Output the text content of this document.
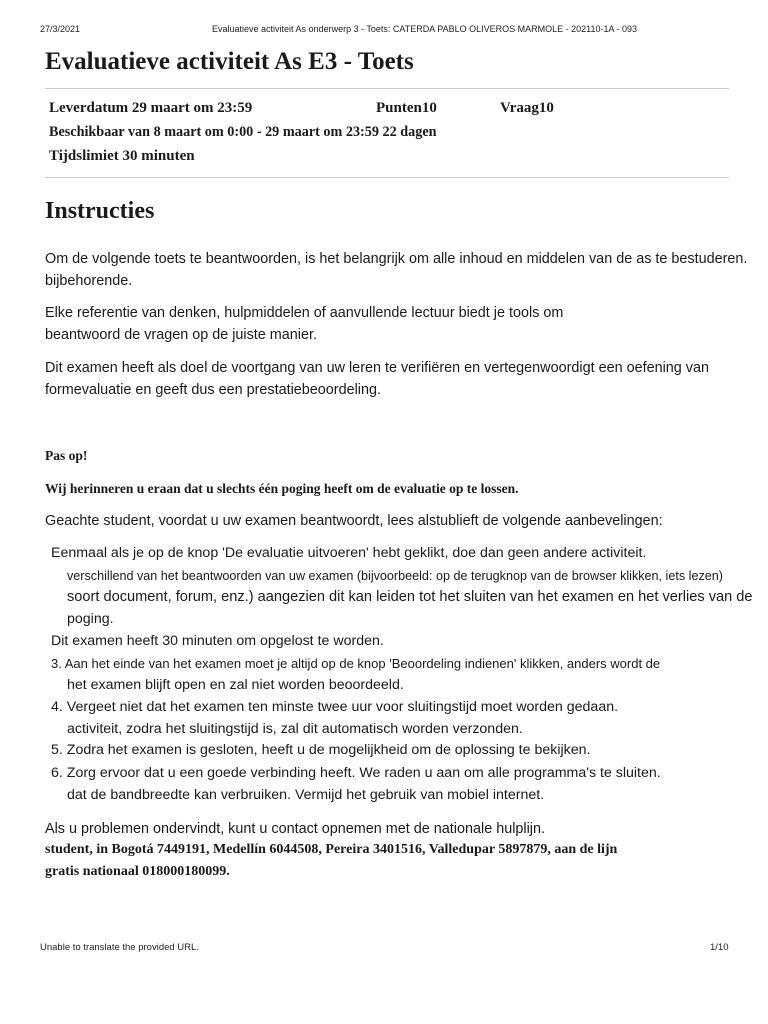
27/3/2021	Evaluatieve activiteit As onderwerp 3 - Toets: CATERDA PABLO OLIVEROS MARMOLE - 202110-1A - 093
Evaluatieve activiteit As E3 - Toets
Leverdatum 29 maart om 23:59	Punten10	Vraag10
Beschikbaar van 8 maart om 0:00 - 29 maart om 23:59 22 dagen
Tijdslimiet 30 minuten
Instructies
Om de volgende toets te beantwoorden, is het belangrijk om alle inhoud en middelen van de as te bestuderen.
bijbehorende.
Elke referentie van denken, hulpmiddelen of aanvullende lectuur biedt je tools om
beantwoord de vragen op de juiste manier.
Dit examen heeft als doel de voortgang van uw leren te verifiëren en vertegenwoordigt een oefening van
formevaluatie en geeft dus een prestatiebeoordeling.
Pas op!
Wij herinneren u eraan dat u slechts één poging heeft om de evaluatie op te lossen.
Geachte student, voordat u uw examen beantwoordt, lees alstublieft de volgende aanbevelingen:
Eenmaal als je op de knop 'De evaluatie uitvoeren' hebt geklikt, doe dan geen andere activiteit.
verschillend van het beantwoorden van uw examen (bijvoorbeeld: op de terugknop van de browser klikken, iets lezen)
soort document, forum, enz.) aangezien dit kan leiden tot het sluiten van het examen en het verlies van de
poging.
Dit examen heeft 30 minuten om opgelost te worden.
3. Aan het einde van het examen moet je altijd op de knop 'Beoordeling indienen' klikken, anders wordt de
het examen blijft open en zal niet worden beoordeeld.
4. Vergeet niet dat het examen ten minste twee uur voor sluitingstijd moet worden gedaan.
activiteit, zodra het sluitingstijd is, zal dit automatisch worden verzonden.
5. Zodra het examen is gesloten, heeft u de mogelijkheid om de oplossing te bekijken.
6. Zorg ervoor dat u een goede verbinding heeft. We raden u aan om alle programma's te sluiten.
dat de bandbreedte kan verbruiken. Vermijd het gebruik van mobiel internet.
Als u problemen ondervindt, kunt u contact opnemen met de nationale hulplijn.
student, in Bogotá 7449191, Medellín 6044508, Pereira 3401516, Valledupar 5897879, aan de lijn
gratis nationaal 018000180099.
Unable to translate the provided URL.	1/10
